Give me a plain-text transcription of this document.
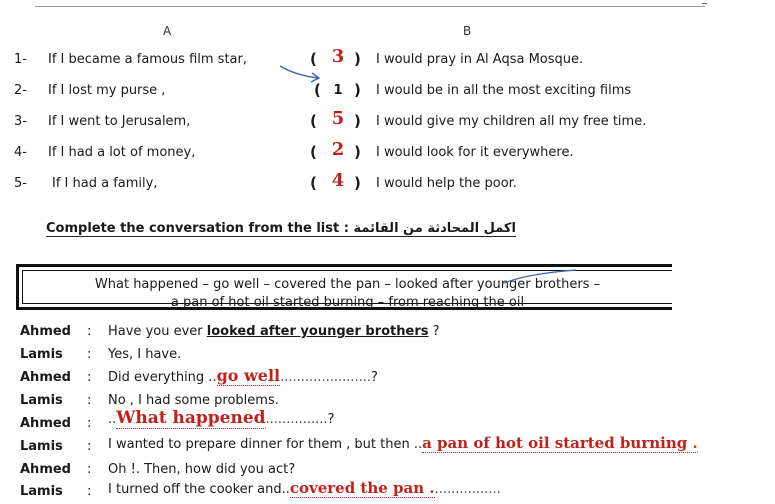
A	B
1- If I became a famous film star,	( 3 ) I would pray in Al Aqsa Mosque.
2- If I lost my purse ,	( 1 ) I would be in all the most exciting films
3- If I went to Jerusalem,	( 5 ) I would give my children all my free time.
4- If I had a lot of money,	( 2 ) I would look for it everywhere.
5- If I had a family,	( 4 ) I would help the poor.
Complete the conversation from the list : اكمل المحادثة من القائمة
What happened – go well – covered the pan – looked after younger brothers –
a pan of hot oil started burning – from reaching the oil
Ahmed : Have you ever looked after younger brothers ?
Lamis : Yes, I have.
Ahmed : Did everything ..go well......................?
Lamis : No , I had some problems.
Ahmed : ..What happened...............?
Lamis : I wanted to prepare dinner for them , but then ..a pan of hot oil started burning .
Ahmed : Oh !. Then, how did you act?
Lamis : I turned off the cooker and..covered the pan .................
